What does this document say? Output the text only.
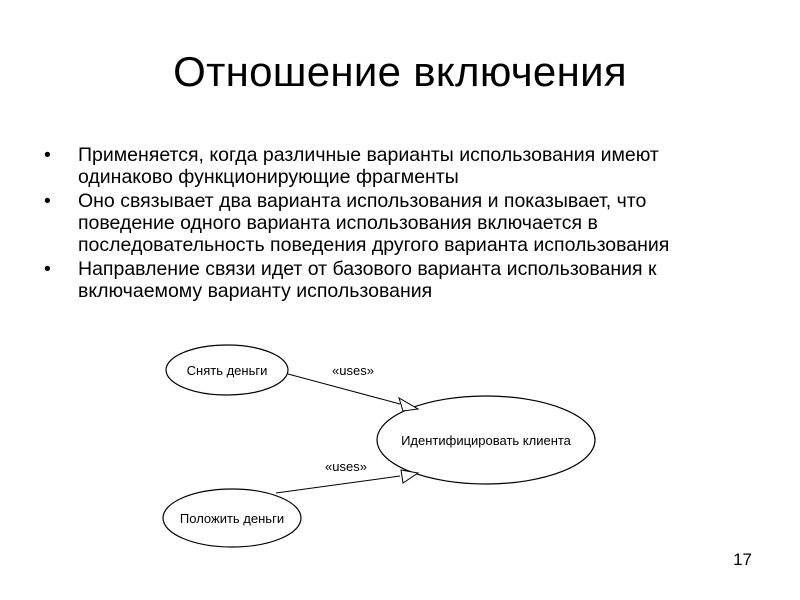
Отношение включения
• Применяется, когда различные варианты использования имеют одинаково функционирующие фрагменты
• Оно связывает два варианта использования и показывает, что поведение одного варианта использования включается в последовательность поведения другого варианта использования
• Направление связи идет от базового варианта использования к включаемому варианту использования
Снять деньги
Идентифицировать клиента
Положить деньги
«uses»
«uses»
17
